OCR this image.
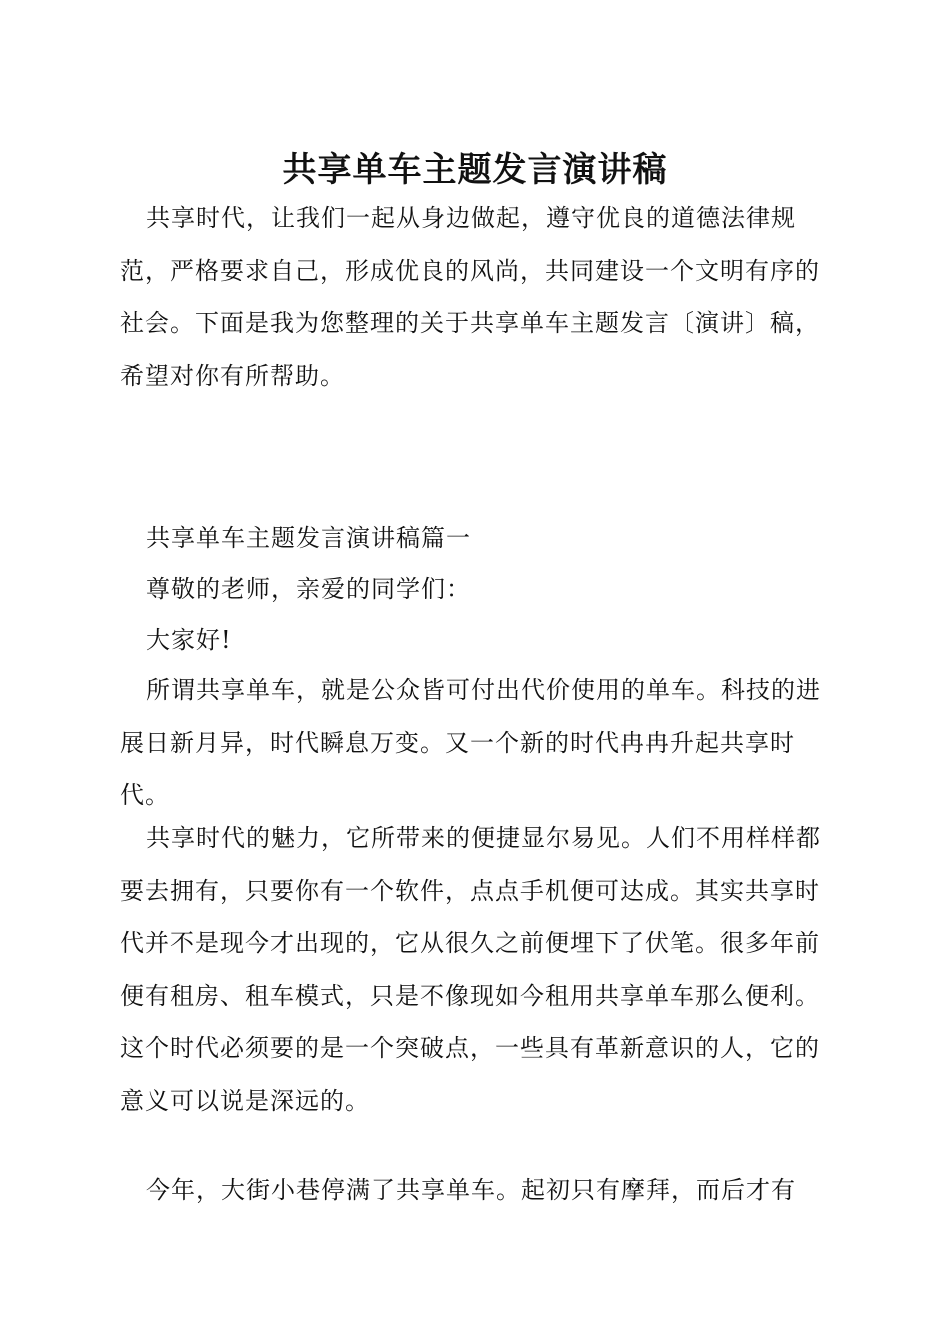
共享单车主题发言演讲稿

共享时代，让我们一起从身边做起，遵守优良的道德法律规范，严格要求自己，形成优良的风尚，共同建设一个文明有序的社会。下面是我为您整理的关于共享单车主题发言〔演讲〕稿，希望对你有所帮助。

共享单车主题发言演讲稿篇一
尊敬的老师，亲爱的同学们：
大家好!

所谓共享单车，就是公众皆可付出代价使用的单车。科技的进展日新月异，时代瞬息万变。又一个新的时代冉冉升起共享时代。

共享时代的魅力，它所带来的便捷显尔易见。人们不用样样都要去拥有，只要你有一个软件，点点手机便可达成。其实共享时代并不是现今才出现的，它从很久之前便埋下了伏笔。很多年前便有租房、租车模式，只是不像现如今租用共享单车那么便利。这个时代必须要的是一个突破点，一些具有革新意识的人，它的意义可以说是深远的。

今年，大街小巷停满了共享单车。起初只有摩拜，而后才有
